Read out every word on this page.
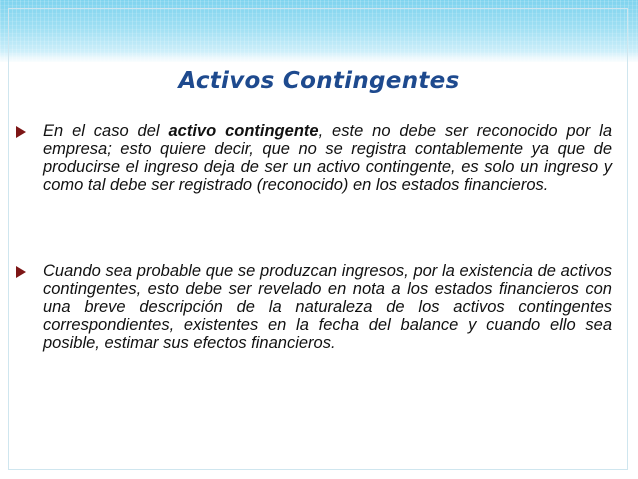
Activos Contingentes
En el caso del activo contingente, este no debe ser reconocido por la empresa; esto quiere decir, que no se registra contablemente ya que de producirse el ingreso deja de ser un activo contingente, es solo un ingreso y como tal debe ser registrado (reconocido) en los estados financieros.
Cuando sea probable que se produzcan ingresos, por la existencia de activos contingentes, esto debe ser revelado en nota a los estados financieros con una breve descripción de la naturaleza de los activos contingentes correspondientes, existentes en la fecha del balance y cuando ello sea posible, estimar sus efectos financieros.
